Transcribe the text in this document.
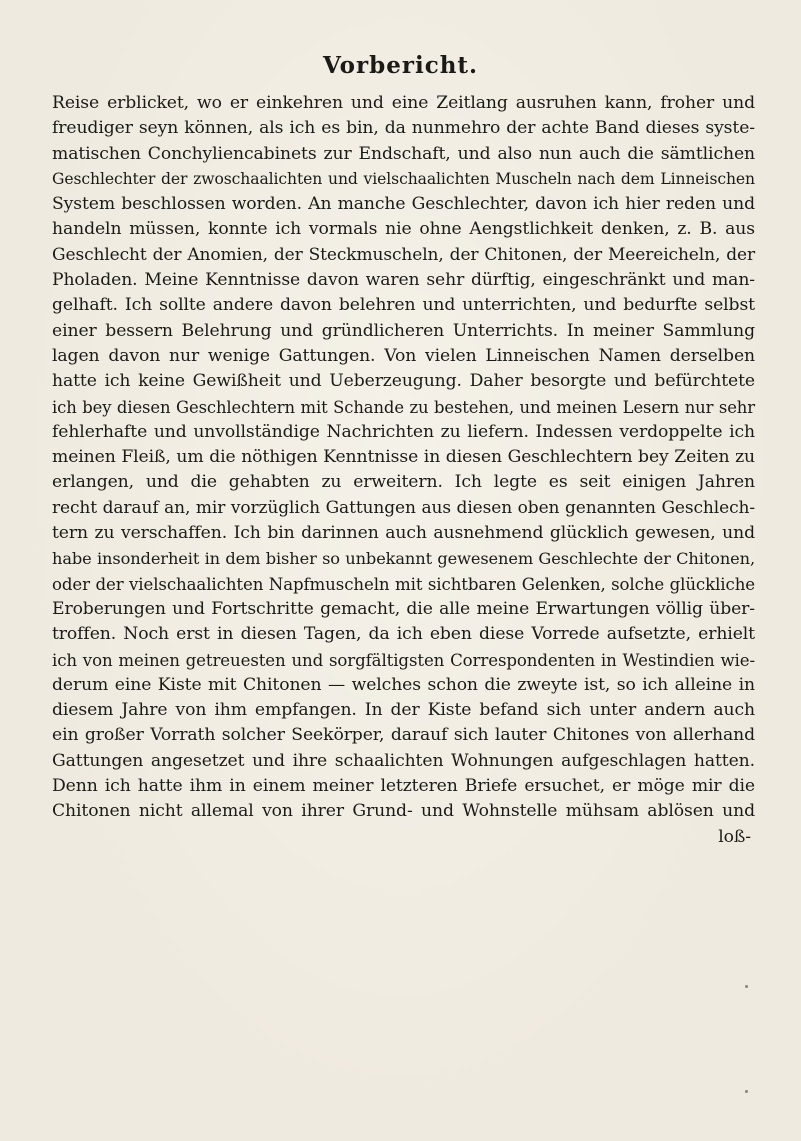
Vorbericht.
Reise erblicket, wo er einkehren und eine Zeitlang ausruhen kann, froher und
freudiger seyn können, als ich es bin, da nunmehro der achte Band dieses syste-
matischen Conchyliencabinets zur Endschaft, und also nun auch die sämtlichen
Geschlechter der zwoschaalichten und vielschaalichten Muscheln nach dem Linneischen
System beschlossen worden. An manche Geschlechter, davon ich hier reden und
handeln müssen, konnte ich vormals nie ohne Aengstlichkeit denken, z. B. aus
Geschlecht der Anomien, der Steckmuscheln, der Chitonen, der Meereicheln, der
Pholaden. Meine Kenntnisse davon waren sehr dürftig, eingeschränkt und man-
gelhaft. Ich sollte andere davon belehren und unterrichten, und bedurfte selbst
einer bessern Belehrung und gründlicheren Unterrichts. In meiner Sammlung
lagen davon nur wenige Gattungen. Von vielen Linneischen Namen derselben
hatte ich keine Gewißheit und Ueberzeugung. Daher besorgte und befürchtete
ich bey diesen Geschlechtern mit Schande zu bestehen, und meinen Lesern nur sehr
fehlerhafte und unvollständige Nachrichten zu liefern. Indessen verdoppelte ich
meinen Fleiß, um die nöthigen Kenntnisse in diesen Geschlechtern bey Zeiten zu
erlangen, und die gehabten zu erweitern. Ich legte es seit einigen Jahren
recht darauf an, mir vorzüglich Gattungen aus diesen oben genannten Geschlech-
tern zu verschaffen. Ich bin darinnen auch ausnehmend glücklich gewesen, und
habe insonderheit in dem bisher so unbekannt gewesenem Geschlechte der Chitonen,
oder der vielschaalichten Napfmuscheln mit sichtbaren Gelenken, solche glückliche
Eroberungen und Fortschritte gemacht, die alle meine Erwartungen völlig über-
troffen. Noch erst in diesen Tagen, da ich eben diese Vorrede aufsetzte, erhielt
ich von meinen getreuesten und sorgfältigsten Correspondenten in Westindien wie-
derum eine Kiste mit Chitonen — welches schon die zweyte ist, so ich alleine in
diesem Jahre von ihm empfangen. In der Kiste befand sich unter andern auch
ein großer Vorrath solcher Seekörper, darauf sich lauter Chitones von allerhand
Gattungen angesetzet und ihre schaalichten Wohnungen aufgeschlagen hatten.
Denn ich hatte ihm in einem meiner letzteren Briefe ersuchet, er möge mir die
Chitonen nicht allemal von ihrer Grund- und Wohnstelle mühsam ablösen und
loß-
